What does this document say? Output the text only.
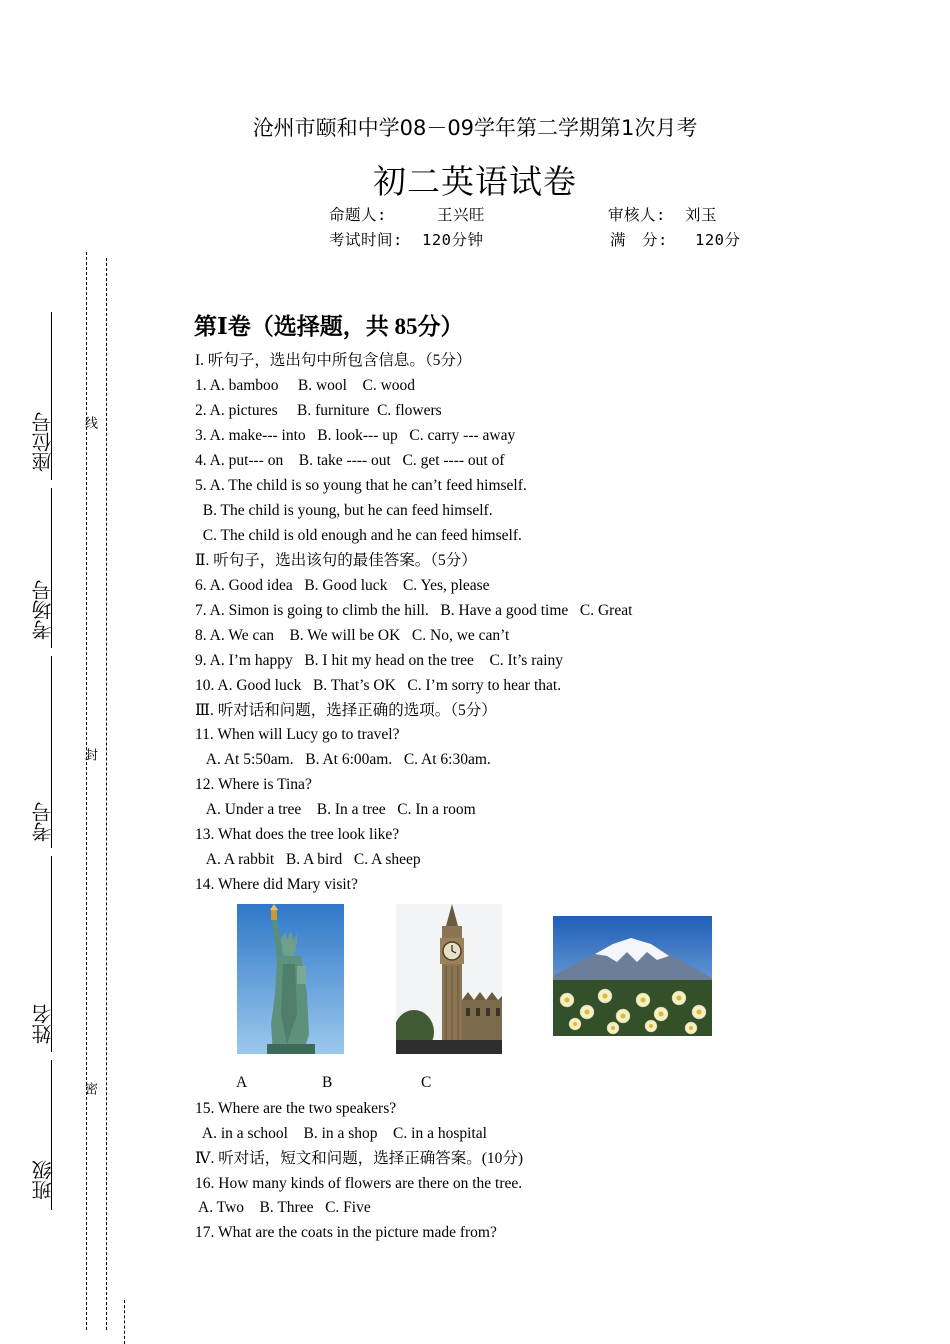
沧州市颐和中学08－09学年第二学期第1次月考
初二英语试卷
命题人:	王兴旺	审核人: 刘玉
考试时间: 120分钟	满　分: 120分
线
封
密
座位号
考场号
考号
姓名
班级
第Ⅰ卷（选择题，共 85分）
I. 听句子，选出句中所包含信息。（5分）
1. A. bamboo     B. wool    C. wood
2. A. pictures     B. furniture  C. flowers
3. A. make--- into   B. look--- up   C. carry --- away
4. A. put--- on    B. take ---- out   C. get ---- out of
5. A. The child is so young that he can’t feed himself.
B. The child is young, but he can feed himself.
C. The child is old enough and he can feed himself.
Ⅱ. 听句子，选出该句的最佳答案。（5分）
6. A. Good idea   B. Good luck    C. Yes, please
7. A. Simon is going to climb the hill.   B. Have a good time   C. Great
8. A. We can    B. We will be OK   C. No, we can’t
9. A. I’m happy   B. I hit my head on the tree    C. It’s rainy
10. A. Good luck   B. That’s OK   C. I’m sorry to hear that.
Ⅲ. 听对话和问题，选择正确的选项。（5分）
11. When will Lucy go to travel?
A. At 5:50am.   B. At 6:00am.   C. At 6:30am.
12. Where is Tina?
A. Under a tree    B. In a tree   C. In a room
13. What does the tree look like?
A. A rabbit   B. A bird   C. A sheep
14. Where did Mary visit?
A	B	C
15. Where are the two speakers?
A. in a school    B. in a shop    C. in a hospital
Ⅳ. 听对话，短文和问题，选择正确答案。(10分)
16. How many kinds of flowers are there on the tree.
A. Two    B. Three   C. Five
17. What are the coats in the picture made from?
